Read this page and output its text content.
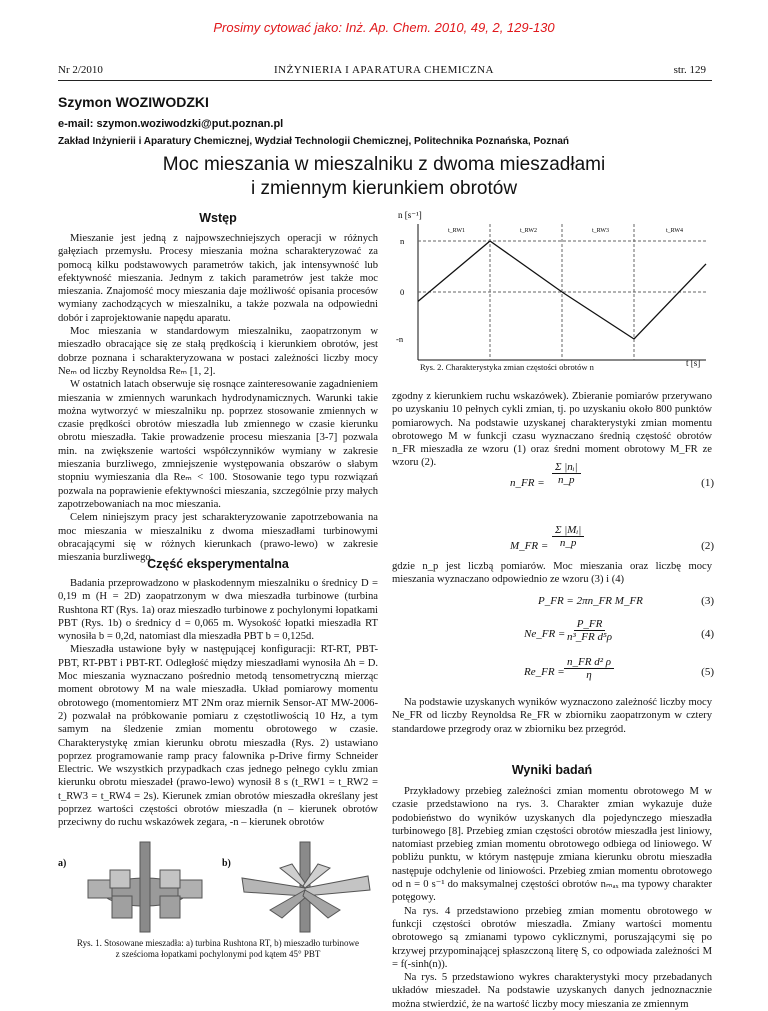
Prosimy cytować jako: Inż. Ap. Chem. 2010, 49, 2, 129-130
Nr 2/2010	INŻYNIERIA I APARATURA CHEMICZNA	str. 129
Szymon WOZIWODZKI
e-mail: szymon.woziwodzki@put.poznan.pl
Zakład Inżynierii i Aparatury Chemicznej, Wydział Technologii Chemicznej, Politechnika Poznańska, Poznań
Moc mieszania w mieszalniku z dwoma mieszadłami
i zmiennym kierunkiem obrotów
Wstęp

Mieszanie jest jedną z najpowszechniejszych operacji w różnych gałęziach przemysłu. Procesy mieszania można scharakteryzować za pomocą kilku podstawowych parametrów takich, jak intensywność lub efektywność mieszania. Jednym z takich parametrów jest także moc mieszania. Znajomość mocy mieszania daje możliwość opisania procesów wymiany zachodzących w mieszalniku, a także pozwala na odpowiedni dobór i zaprojektowanie napędu aparatu.

Moc mieszania w standardowym mieszalniku, zaopatrzonym w mieszadło obracające się ze stałą prędkością i kierunkiem obrotów, jest dobrze poznana i scharakteryzowana w postaci zależności liczby mocy Neₘ od liczby Reynoldsa Reₘ [1, 2].

W ostatnich latach obserwuje się rosnące zainteresowanie zagadnieniem mieszania w zmiennych warunkach hydrodynamicznych. Warunki takie można wytworzyć w mieszalniku np. poprzez stosowanie zmiennych w czasie prędkości obrotów mieszadła lub zmiennego w czasie kierunku obrotu mieszadła. Takie prowadzenie procesu mieszania [3-7] pozwala min. na zwiększenie wartości współczynników wymiany w zakresie mieszania burzliwego, zmniejszenie występowania obszarów o słabym stopniu wymieszania dla Reₘ < 100. Stosowanie tego typu rozwiązań pozwala na poprawienie efektywności mieszania, szczególnie przy małych zapotrzebowaniach na moc mieszania.

Celem niniejszym pracy jest scharakteryzowanie zapotrzebowania na moc mieszania w mieszalniku z dwoma mieszadłami turbinowymi obracającymi się w różnych kierunkach (prawo-lewo) w zakresie mieszania burzliwego.

Część eksperymentalna

Badania przeprowadzono w płaskodennym mieszalniku o średnicy D = 0,19 m (H = 2D) zaopatrzonym w dwa mieszadła turbinowe (turbina Rushtona RT (Rys. 1a) oraz mieszadło turbinowe z pochylonymi łopatkami PBT (Rys. 1b) o średnicy d = 0,065 m. Wysokość łopatki mieszadła RT wynosiła b = 0,2d, natomiast dla mieszadła PBT b = 0,125d.

Mieszadła ustawione były w następującej konfiguracji: RT-RT, PBT-PBT, RT-PBT i PBT-RT. Odległość między mieszadłami wynosiła Δh = D. Moc mieszania wyznaczano pośrednio metodą tensometryczną mierząc moment obrotowy M na wale mieszadła. Układ pomiarowy momentu obrotowego (momentomierz MT 2Nm oraz miernik Sensor-AT MW-2006-2) pozwalał na próbkowanie pomiaru z częstotliwością 10 Hz, a tym samym na śledzenie zmian momentu obrotowego w czasie. Charakterystykę zmian kierunku obrotu mieszadła (Rys. 2) ustawiano poprzez programowanie ramp pracy falownika p-Drive firmy Schneider Electric. We wszystkich przypadkach czas jednego pełnego cyklu zmian kierunku obrotu mieszadeł (prawo-lewo) wynosił 8 s (t_RW1 = t_RW2 = t_RW3 = t_RW4 = 2s). Kierunek zmian obrotów mieszadła określany jest poprzez wartości częstości obrotów mieszadła (n – kierunek obrotów przeciwny do ruchu wskazówek zegara, -n – kierunek obrotów

a)	b)
Rys. 1. Stosowane mieszadła: a) turbina Rushtona RT, b) mieszadło turbinowe
z sześcioma łopatkami pochylonymi pod kątem 45° PBT
n [s⁻¹]
n
0
-n
t_RW1	t_RW2	t_RW3	t_RW4
Rys. 2. Charakterystyka zmian częstości obrotów n	t [s]

zgodny z kierunkiem ruchu wskazówek). Zbieranie pomiarów przerywano po uzyskaniu 10 pełnych cykli zmian, tj. po uzyskaniu około 800 punktów pomiarowych. Na podstawie uzyskanej charakterystyki zmian momentu obrotowego M w funkcji czasu wyznaczano średnią częstość obrotów n_FR mieszadła ze wzoru (1) oraz średni moment obrotowy M_FR ze wzoru (2).

n_FR = $\frac{\text{Σ |nᵢ|}}{n\_p}$	(1)
M_FR = $\frac{\text{Σ |Mᵢ|}}{n\_p}$	(2)

gdzie n_p jest liczbą pomiarów. Moc mieszania oraz liczbę mocy mieszania wyznaczano odpowiednio ze wzoru (3) i (4)

P_FR = 2πn_FR M_FR	(3)
Ne_FR =
$\frac{P\_FR}{\text{n³\_FR d⁵ρ}}$	(4)
Re_FR = $\frac{\text{n\_FR d² ρ}}{\eta}$	(5)

Na podstawie uzyskanych wyników wyznaczono zależność liczby mocy Ne_FR od liczby Reynoldsa Re_FR w zbiorniku zaopatrzonym w cztery standardowe przegrody oraz w zbiorniku bez przegród.

Wyniki badań

Przykładowy przebieg zależności zmian momentu obrotowego M w czasie przedstawiono na rys. 3. Charakter zmian wykazuje duże podobieństwo do wyników uzyskanych dla pojedynczego mieszadła turbinowego [8]. Przebieg zmian częstości obrotów mieszadła jest liniowy, natomiast przebieg zmian momentu obrotowego odbiega od liniowego. W pobliżu punktu, w którym następuje zmiana kierunku obrotu mieszadła następuje odchylenie od liniowości. Przebieg zmian momentu obrotowego od n = 0 s⁻¹ do maksymalnej częstości obrotów nₘₐₓ ma typowy charakter potęgowy.

Na rys. 4 przedstawiono przebieg zmian momentu obrotowego w funkcji częstości obrotów mieszadła. Zmiany wartości momentu obrotowego są zmianami typowo cyklicznymi, poruszającymi się po krzywej przypominającej spłaszczoną literę S, co odpowiada zależności M = f(-sinh(n)).

Na rys. 5 przedstawiono wykres charakterystyki mocy przebadanych układów mieszadeł. Na podstawie uzyskanych danych jednoznacznie można stwierdzić, że na wartość liczby mocy mieszania ze zmiennym
